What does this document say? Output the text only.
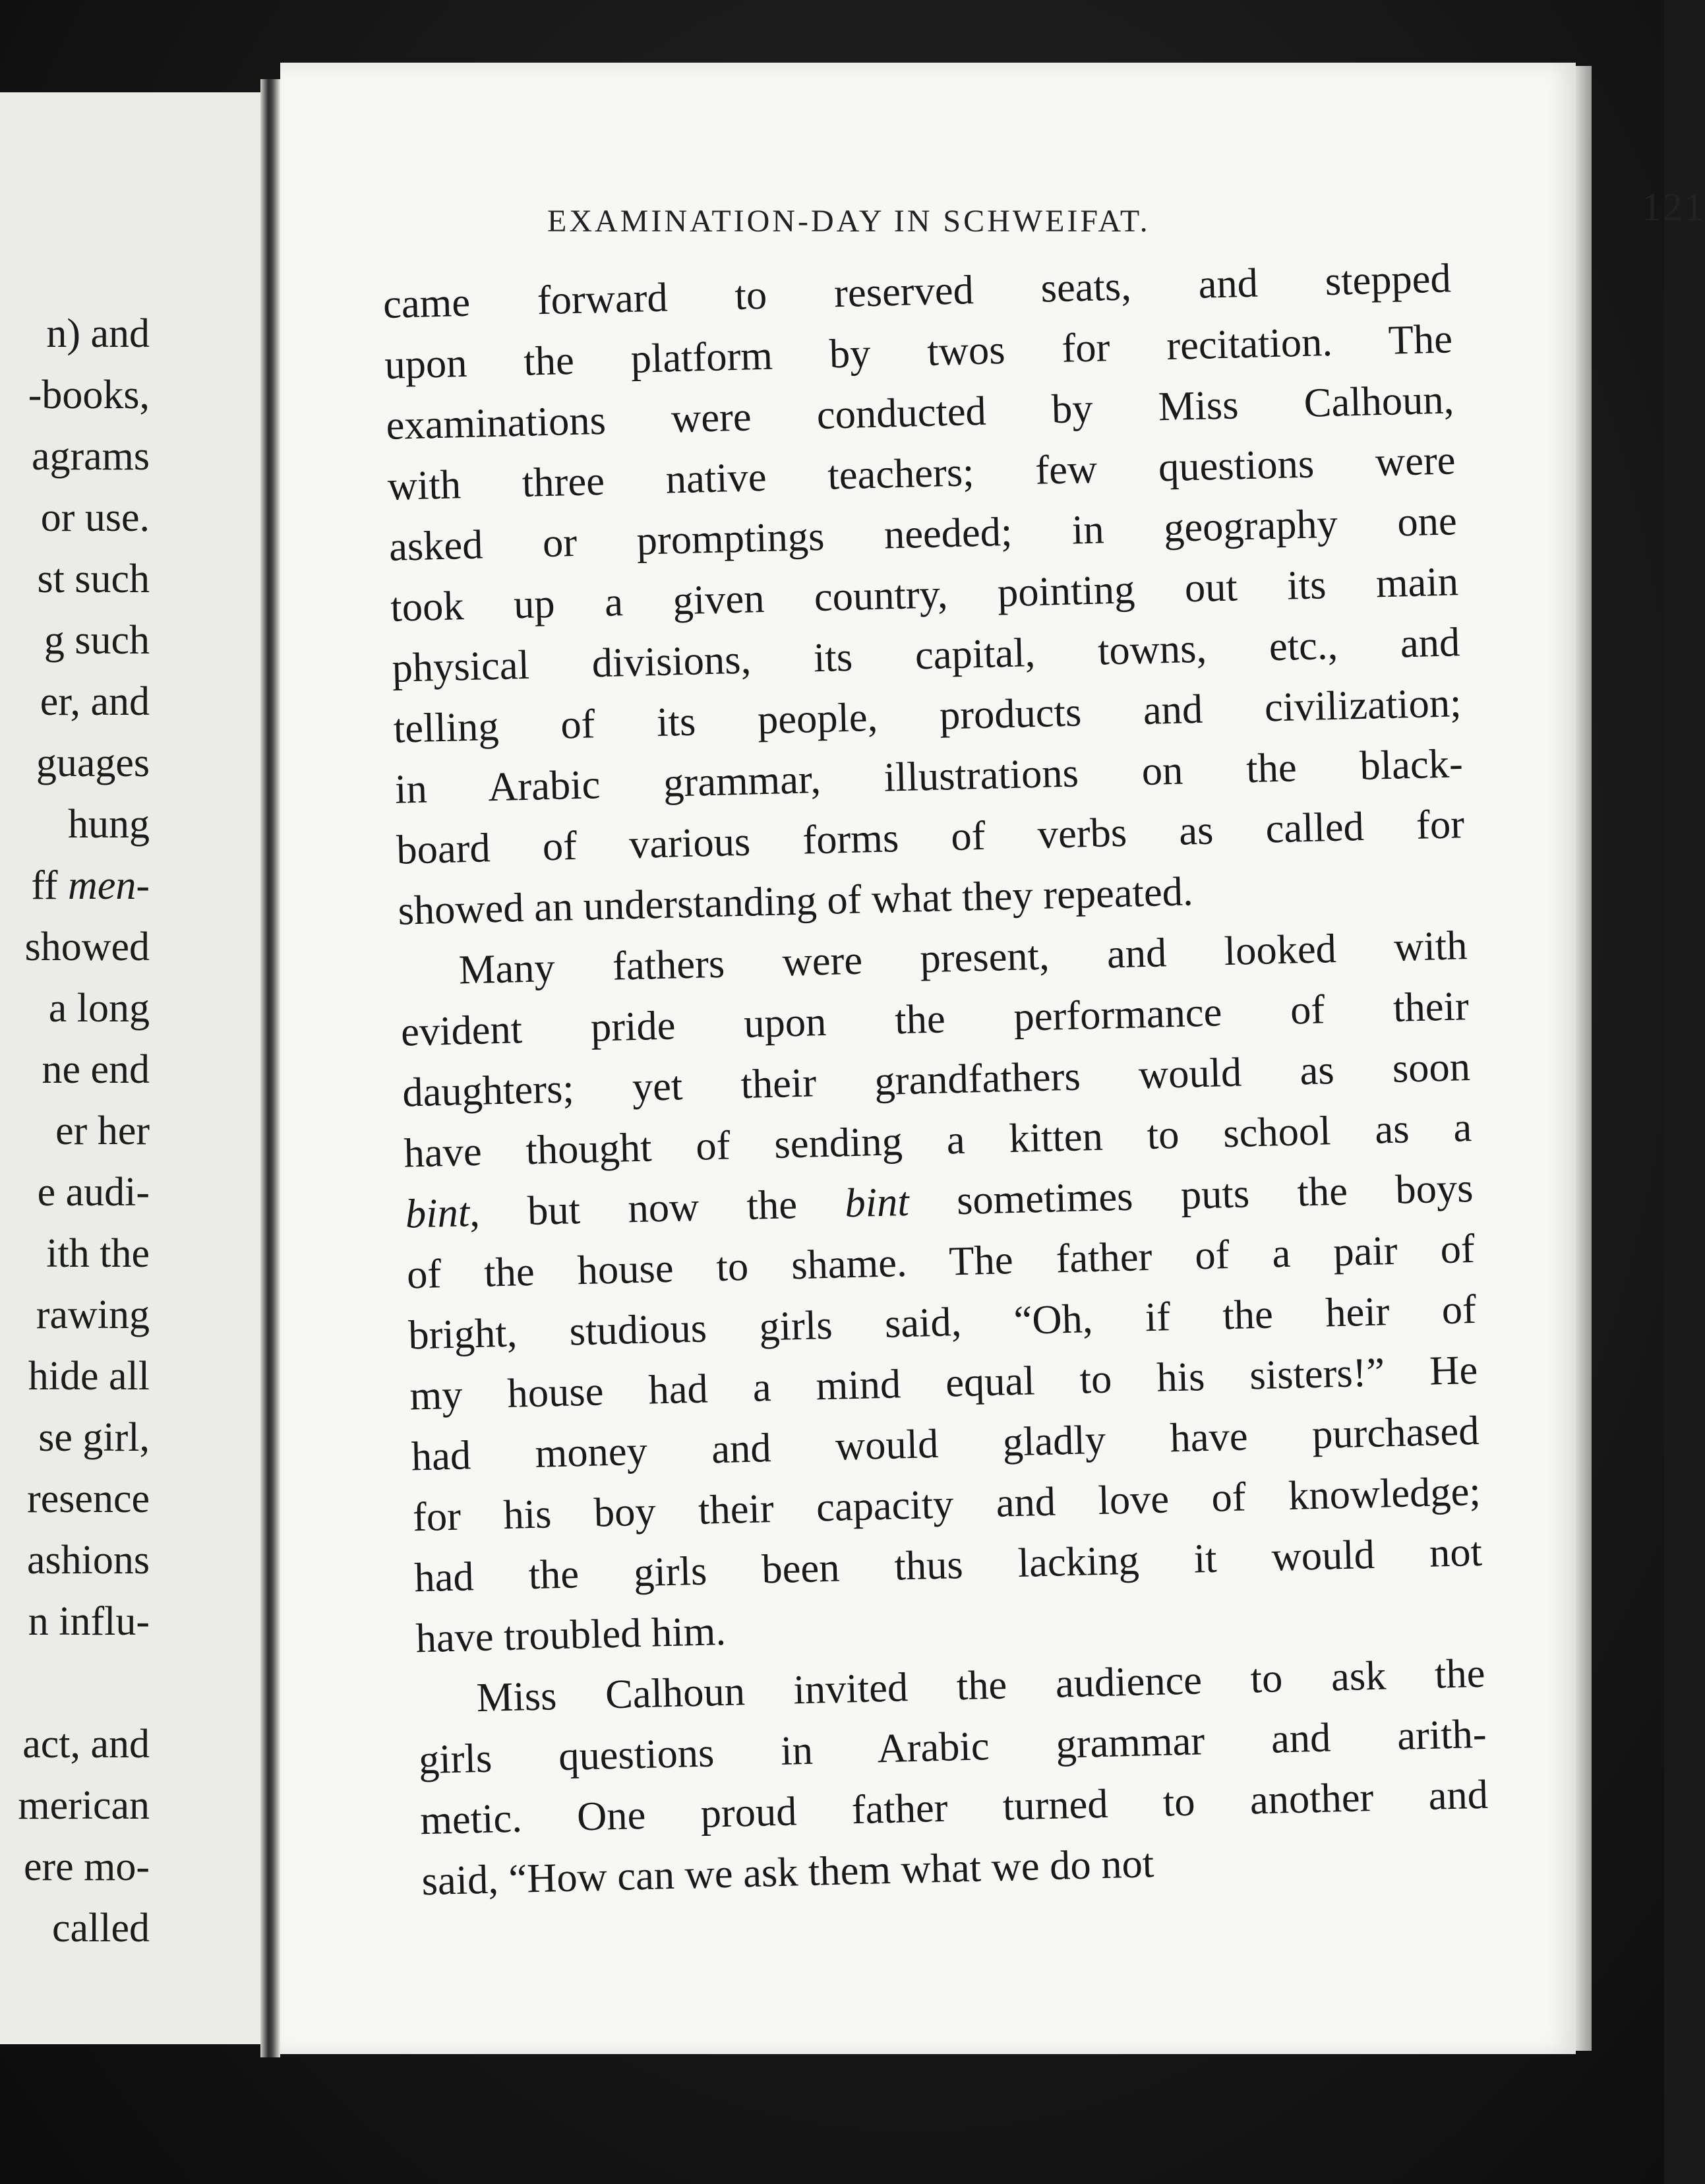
n) and
-books,
agrams
or use.
st such
g such
er, and
guages
hung
ff men-
showed
a long
ne end
er her
e audi-
ith the
rawing
hide all
se girl,
resence
ashions
n influ-

act, and
merican
ere mo-
called
EXAMINATION-DAY IN SCHWEIFAT.	121
came forward to reserved seats, and stepped
upon the platform by twos for recitation. The
examinations were conducted by Miss Calhoun,
with three native teachers; few questions were
asked or promptings needed; in geography one
took up a given country, pointing out its main
physical divisions, its capital, towns, etc., and
telling of its people, products and civilization;
in Arabic grammar, illustrations on the black-
board of various forms of verbs as called for
showed an understanding of what they repeated.
Many fathers were present, and looked with
evident pride upon the performance of their
daughters; yet their grandfathers would as soon
have thought of sending a kitten to school as a
bint, but now the bint sometimes puts the boys
of the house to shame. The father of a pair of
bright, studious girls said, “Oh, if the heir of
my house had a mind equal to his sisters!” He
had money and would gladly have purchased
for his boy their capacity and love of knowledge;
had the girls been thus lacking it would not
have troubled him.
Miss Calhoun invited the audience to ask the
girls questions in Arabic grammar and arith-
metic. One proud father turned to another and
said, “How can we ask them what we do not
